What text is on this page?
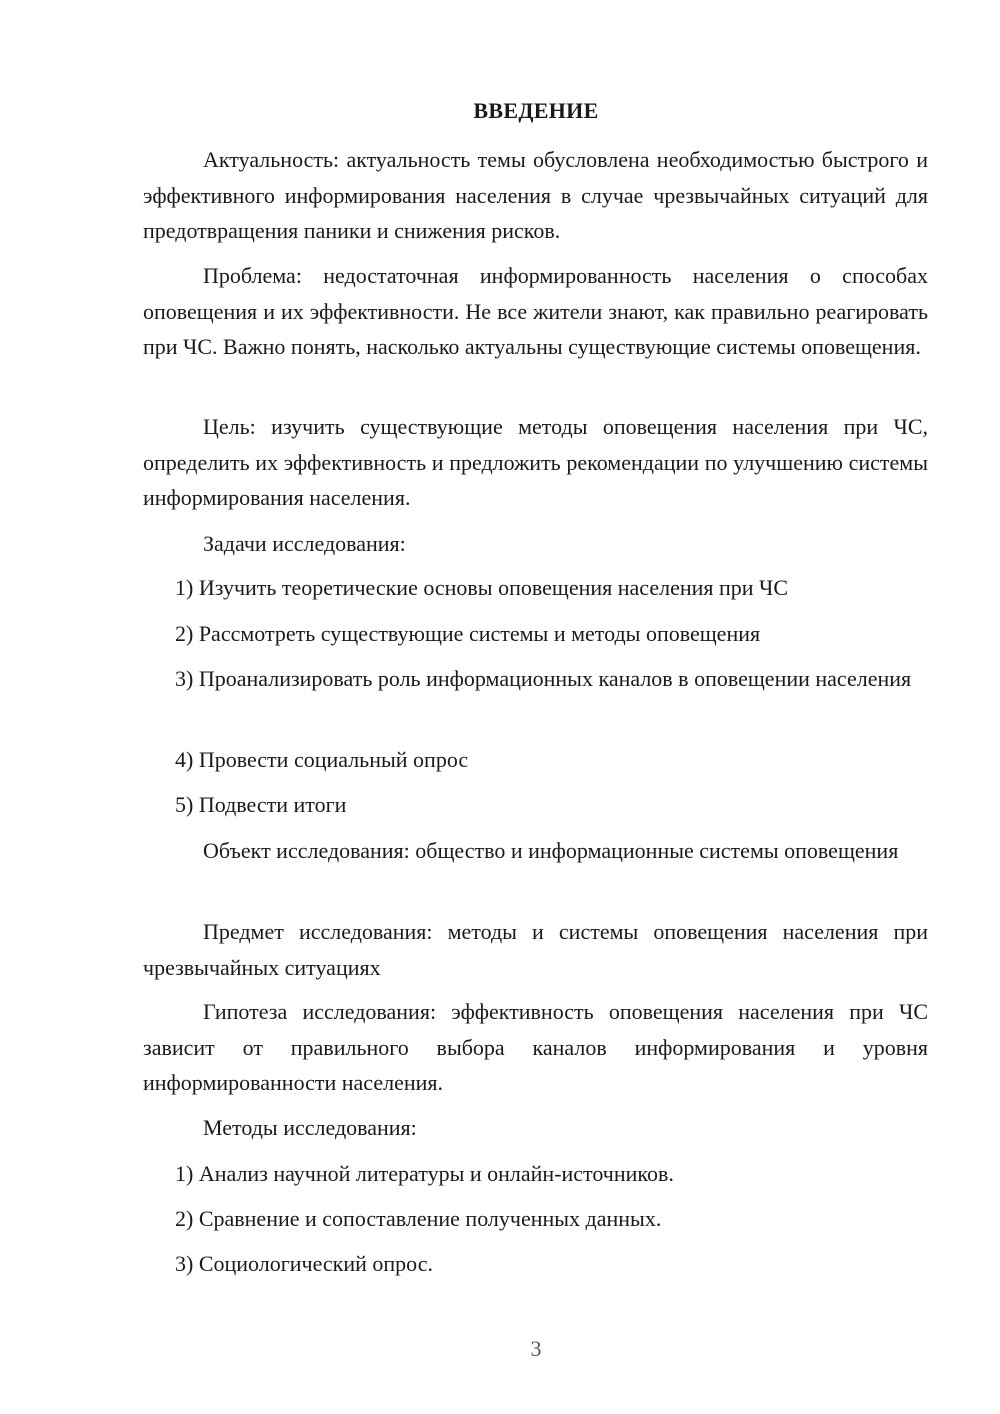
ВВЕДЕНИЕ

Актуальность: актуальность темы обусловлена необходимостью быстрого и эффективного информирования населения в случае чрезвычайных ситуаций для предотвращения паники и снижения рисков.

Проблема: недостаточная информированность населения о способах оповещения и их эффективности. Не все жители знают, как правильно реагировать при ЧС. Важно понять, насколько актуальны существующие системы оповещения.

Цель: изучить существующие методы оповещения населения при ЧС, определить их эффективность и предложить рекомендации по улучшению системы информирования населения.

Задачи исследования:

1) Изучить теоретические основы оповещения населения при ЧС

2) Рассмотреть существующие системы и методы оповещения

3) Проанализировать роль информационных каналов в оповещении населения

4) Провести социальный опрос

5) Подвести итоги

Объект исследования: общество и информационные системы оповещения

Предмет исследования: методы и системы оповещения населения при чрезвычайных ситуациях

Гипотеза исследования: эффективность оповещения населения при ЧС зависит от правильного выбора каналов информирования и уровня информированности населения.

Методы исследования:

1) Анализ научной литературы и онлайн-источников.

2) Сравнение и сопоставление полученных данных.

3) Социологический опрос.

3
